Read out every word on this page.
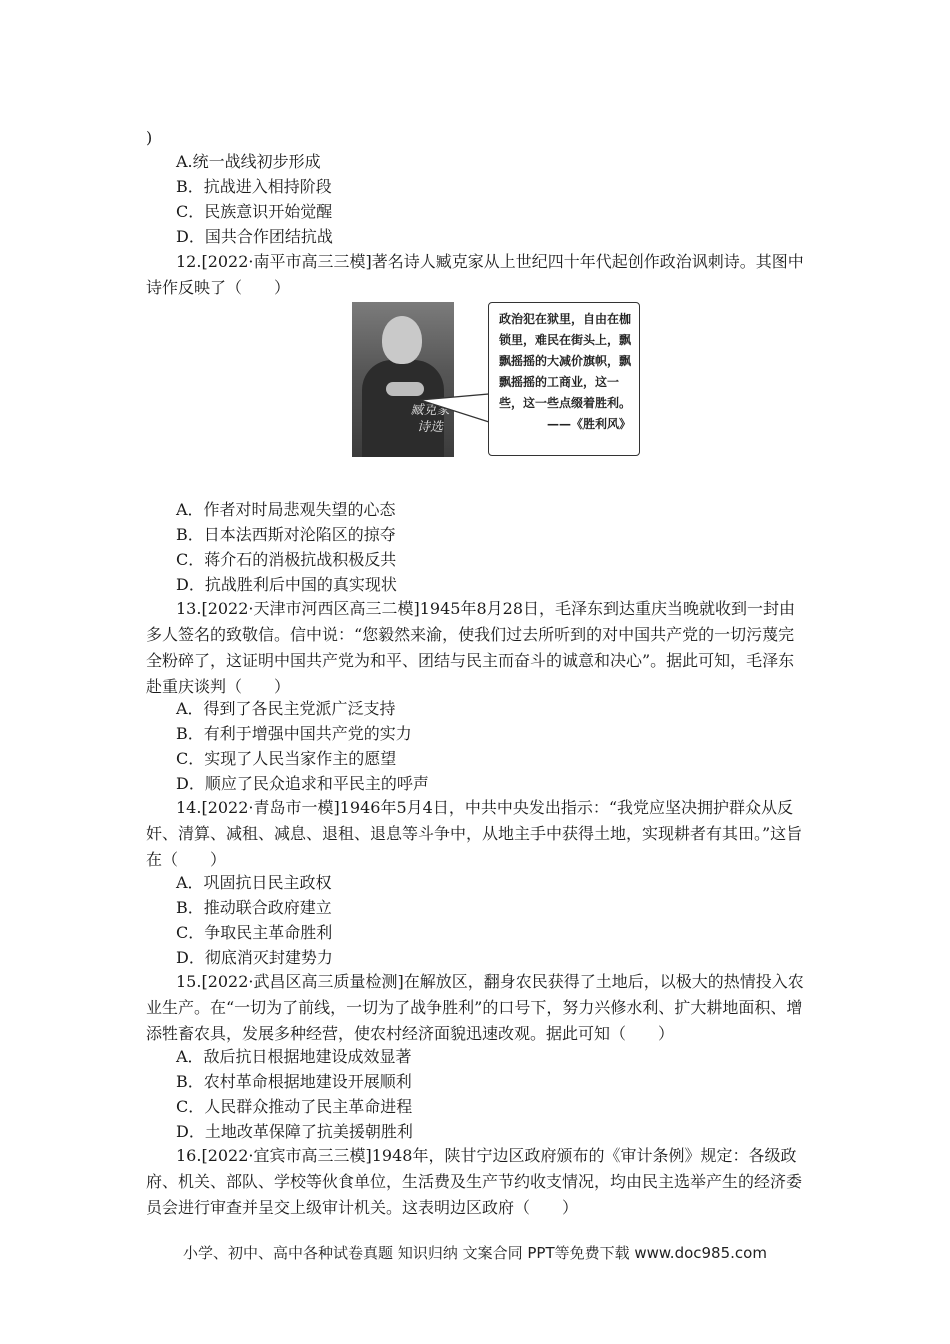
)
A.统一战线初步形成
B．抗战进入相持阶段
C．民族意识开始觉醒
D．国共合作团结抗战
12.[2022·南平市高三三模]著名诗人臧克家从上世纪四十年代起创作政治讽刺诗。其图中诗作反映了（　　）
臧克家诗选
政治犯在狱里，自由在枷锁里，难民在街头上，飘飘摇摇的大减价旗帜，飘飘摇摇的工商业，这一些，这一些点缀着胜利。
——《胜利风》
A．作者对时局悲观失望的心态
B．日本法西斯对沦陷区的掠夺
C．蒋介石的消极抗战积极反共
D．抗战胜利后中国的真实现状
13.[2022·天津市河西区高三二模]1945年8月28日，毛泽东到达重庆当晚就收到一封由多人签名的致敬信。信中说：“您毅然来渝，使我们过去所听到的对中国共产党的一切污蔑完全粉碎了，这证明中国共产党为和平、团结与民主而奋斗的诚意和决心”。据此可知，毛泽东赴重庆谈判（　　）
A．得到了各民主党派广泛支持
B．有利于增强中国共产党的实力
C．实现了人民当家作主的愿望
D．顺应了民众追求和平民主的呼声
14.[2022·青岛市一模]1946年5月4日，中共中央发出指示：“我党应坚决拥护群众从反奸、清算、减租、减息、退租、退息等斗争中，从地主手中获得土地，实现耕者有其田。”这旨在（　　）
A．巩固抗日民主政权
B．推动联合政府建立
C．争取民主革命胜利
D．彻底消灭封建势力
15.[2022·武昌区高三质量检测]在解放区，翻身农民获得了土地后，以极大的热情投入农业生产。在“一切为了前线，一切为了战争胜利”的口号下，努力兴修水利、扩大耕地面积、增添牲畜农具，发展多种经营，使农村经济面貌迅速改观。据此可知（　　）
A．敌后抗日根据地建设成效显著
B．农村革命根据地建设开展顺利
C．人民群众推动了民主革命进程
D．土地改革保障了抗美援朝胜利
16.[2022·宜宾市高三三模]1948年，陕甘宁边区政府颁布的《审计条例》规定：各级政府、机关、部队、学校等伙食单位，生活费及生产节约收支情况，均由民主选举产生的经济委员会进行审查并呈交上级审计机关。这表明边区政府（　　）
小学、初中、高中各种试卷真题 知识归纳 文案合同 PPT等免费下载 www.doc985.com
